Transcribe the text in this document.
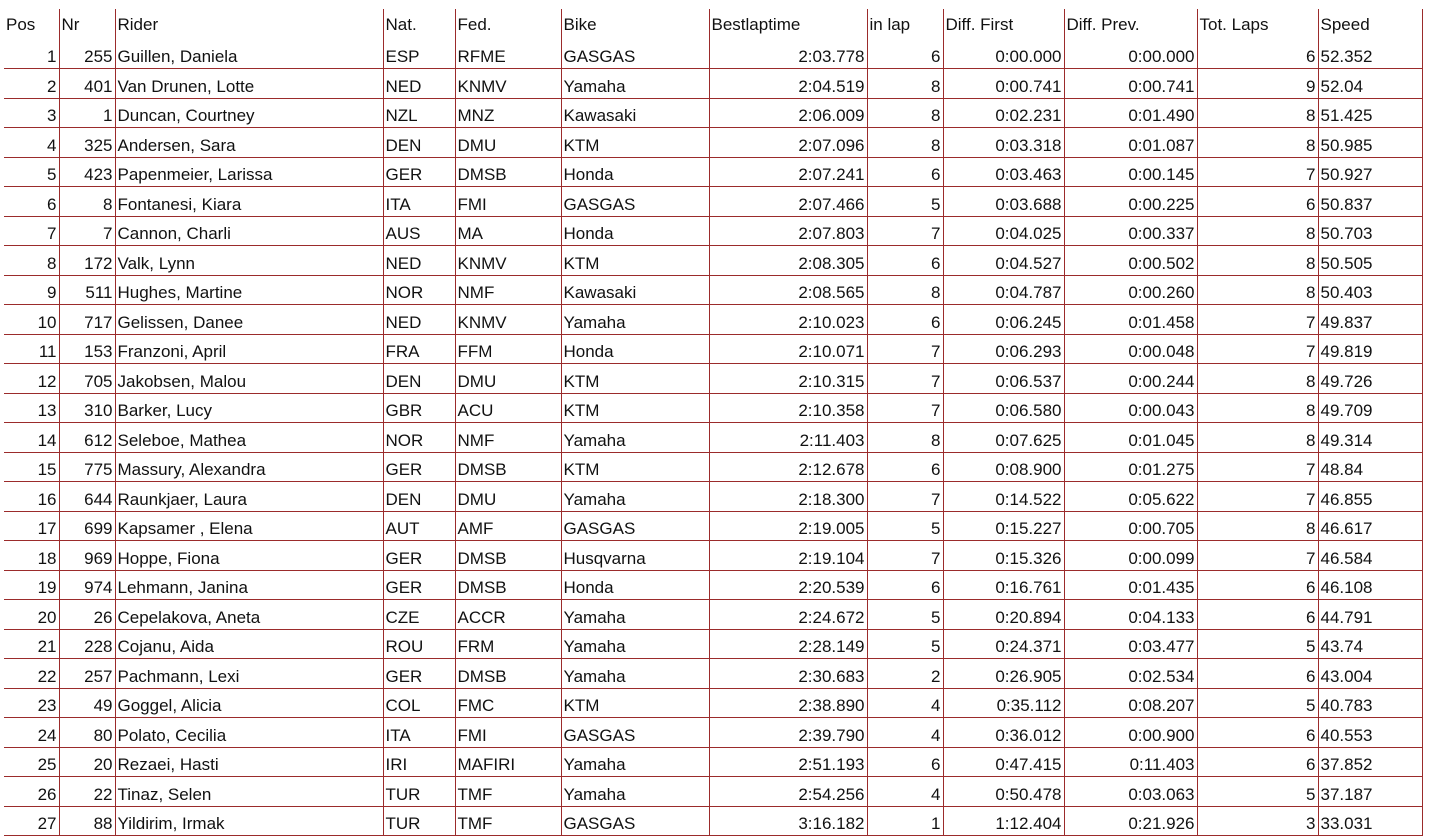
Pos	Nr	Rider	Nat.	Fed.	Bike	Bestlaptime	in lap	Diff. First	Diff. Prev.	Tot. Laps	Speed
1	255	Guillen, Daniela	ESP	RFME	GASGAS	2:03.778	6	0:00.000	0:00.000	6	52.352
2	401	Van Drunen, Lotte	NED	KNMV	Yamaha	2:04.519	8	0:00.741	0:00.741	9	52.04
3	1	Duncan, Courtney	NZL	MNZ	Kawasaki	2:06.009	8	0:02.231	0:01.490	8	51.425
4	325	Andersen, Sara	DEN	DMU	KTM	2:07.096	8	0:03.318	0:01.087	8	50.985
5	423	Papenmeier, Larissa	GER	DMSB	Honda	2:07.241	6	0:03.463	0:00.145	7	50.927
6	8	Fontanesi, Kiara	ITA	FMI	GASGAS	2:07.466	5	0:03.688	0:00.225	6	50.837
7	7	Cannon, Charli	AUS	MA	Honda	2:07.803	7	0:04.025	0:00.337	8	50.703
8	172	Valk, Lynn	NED	KNMV	KTM	2:08.305	6	0:04.527	0:00.502	8	50.505
9	511	Hughes, Martine	NOR	NMF	Kawasaki	2:08.565	8	0:04.787	0:00.260	8	50.403
10	717	Gelissen, Danee	NED	KNMV	Yamaha	2:10.023	6	0:06.245	0:01.458	7	49.837
11	153	Franzoni, April	FRA	FFM	Honda	2:10.071	7	0:06.293	0:00.048	7	49.819
12	705	Jakobsen, Malou	DEN	DMU	KTM	2:10.315	7	0:06.537	0:00.244	8	49.726
13	310	Barker, Lucy	GBR	ACU	KTM	2:10.358	7	0:06.580	0:00.043	8	49.709
14	612	Seleboe, Mathea	NOR	NMF	Yamaha	2:11.403	8	0:07.625	0:01.045	8	49.314
15	775	Massury, Alexandra	GER	DMSB	KTM	2:12.678	6	0:08.900	0:01.275	7	48.84
16	644	Raunkjaer, Laura	DEN	DMU	Yamaha	2:18.300	7	0:14.522	0:05.622	7	46.855
17	699	Kapsamer , Elena	AUT	AMF	GASGAS	2:19.005	5	0:15.227	0:00.705	8	46.617
18	969	Hoppe, Fiona	GER	DMSB	Husqvarna	2:19.104	7	0:15.326	0:00.099	7	46.584
19	974	Lehmann, Janina	GER	DMSB	Honda	2:20.539	6	0:16.761	0:01.435	6	46.108
20	26	Cepelakova, Aneta	CZE	ACCR	Yamaha	2:24.672	5	0:20.894	0:04.133	6	44.791
21	228	Cojanu, Aida	ROU	FRM	Yamaha	2:28.149	5	0:24.371	0:03.477	5	43.74
22	257	Pachmann, Lexi	GER	DMSB	Yamaha	2:30.683	2	0:26.905	0:02.534	6	43.004
23	49	Goggel, Alicia	COL	FMC	KTM	2:38.890	4	0:35.112	0:08.207	5	40.783
24	80	Polato, Cecilia	ITA	FMI	GASGAS	2:39.790	4	0:36.012	0:00.900	6	40.553
25	20	Rezaei, Hasti	IRI	MAFIRI	Yamaha	2:51.193	6	0:47.415	0:11.403	6	37.852
26	22	Tinaz, Selen	TUR	TMF	Yamaha	2:54.256	4	0:50.478	0:03.063	5	37.187
27	88	Yildirim, Irmak	TUR	TMF	GASGAS	3:16.182	1	1:12.404	0:21.926	3	33.031
